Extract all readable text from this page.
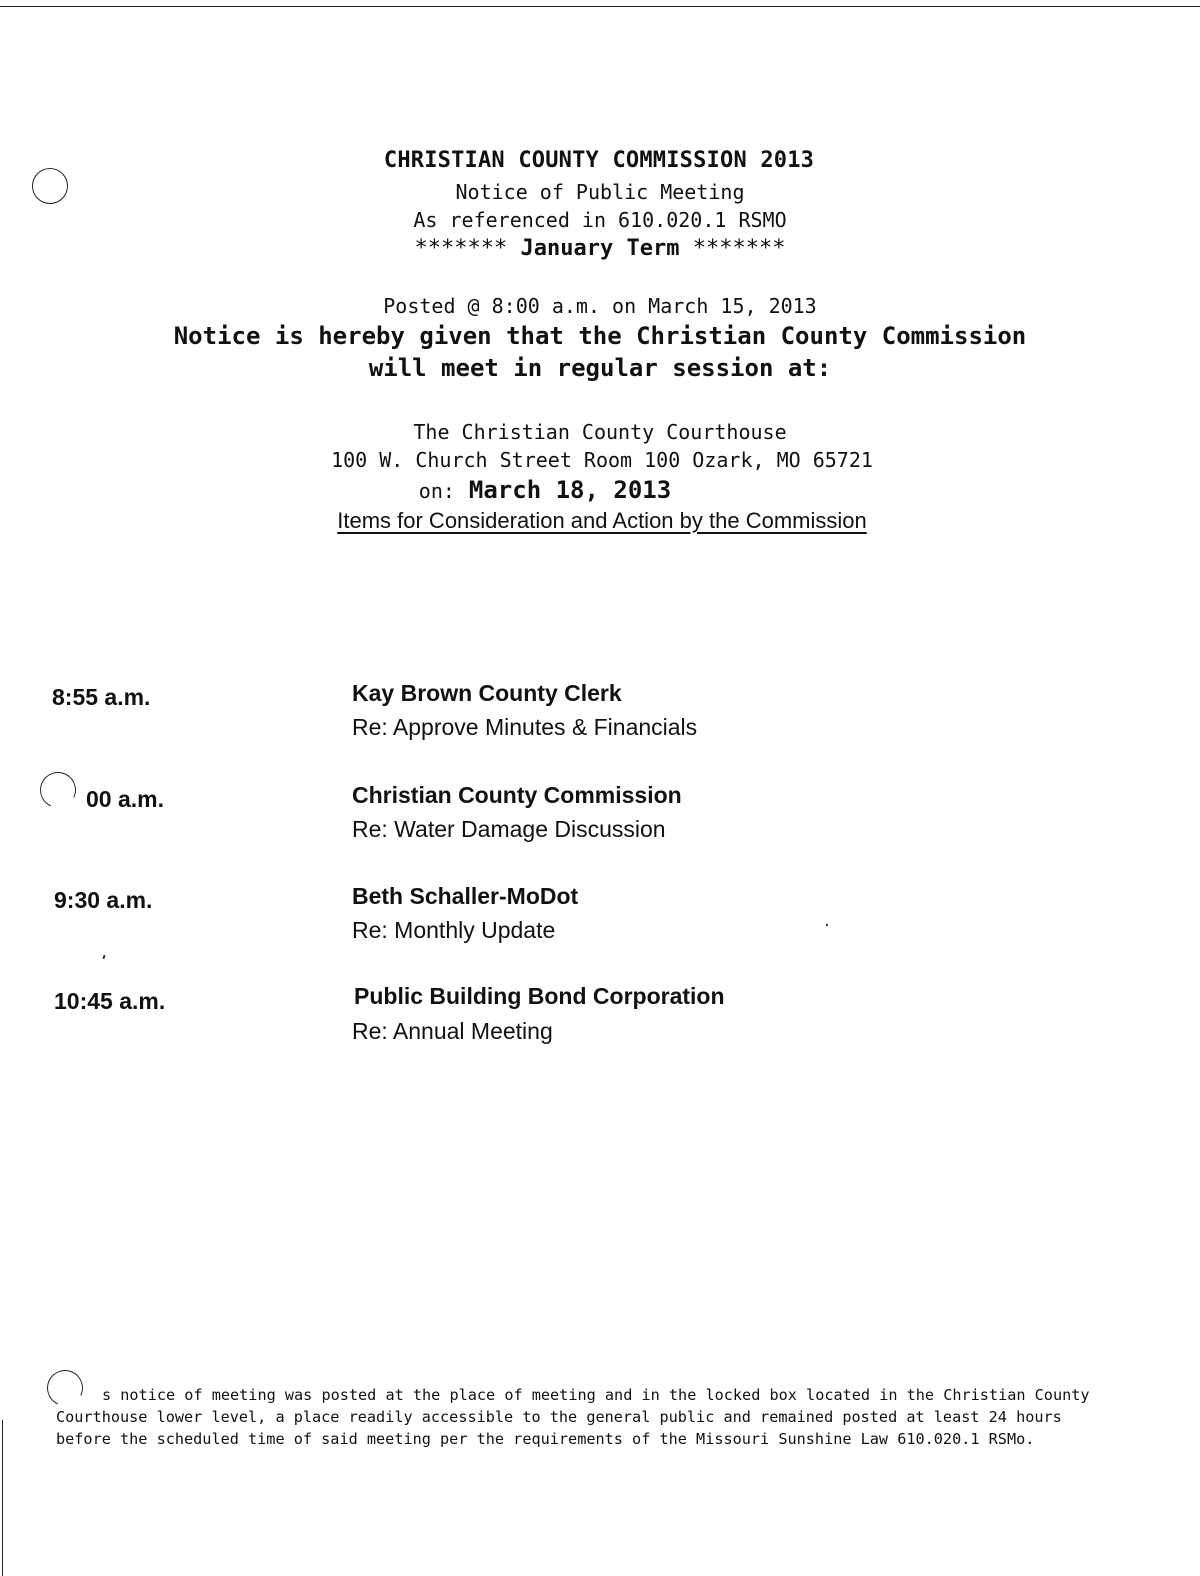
CHRISTIAN COUNTY COMMISSION 2013
Notice of Public Meeting
As referenced in 610.020.1 RSMO
******* January Term *******
Posted @ 8:00 a.m. on March 15, 2013
Notice is hereby given that the Christian County Commission
will meet in regular session at:
The Christian County Courthouse
100 W. Church Street Room 100 Ozark, MO 65721
on: March 18, 2013
Items for Consideration and Action by the Commission
8:55 a.m.	Kay Brown County Clerk
Re: Approve Minutes & Financials
00 a.m.	Christian County Commission
Re: Water Damage Discussion
9:30 a.m.	Beth Schaller-MoDot
Re: Monthly Update
10:45 a.m.	Public Building Bond Corporation
Re: Annual Meeting
s notice of meeting was posted at the place of meeting and in the locked box located in the Christian County
Courthouse lower level, a place readily accessible to the general public and remained posted at least 24 hours
before the scheduled time of said meeting per the requirements of the Missouri Sunshine Law 610.020.1 RSMo.
